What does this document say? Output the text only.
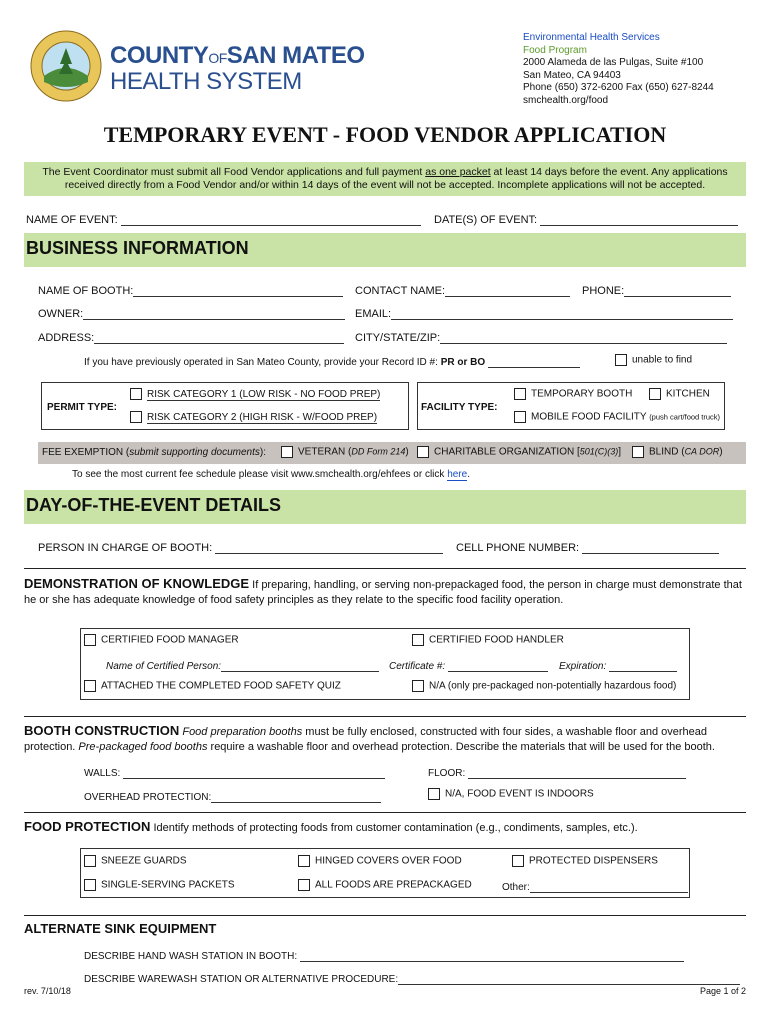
COUNTYOFSAN MATEO
HEALTH SYSTEM
Environmental Health Services
Food Program
2000 Alameda de las Pulgas, Suite #100
San Mateo, CA 94403
Phone (650) 372-6200 Fax (650) 627-8244
smchealth.org/food
TEMPORARY EVENT - FOOD VENDOR APPLICATION
The Event Coordinator must submit all Food Vendor applications and full payment as one packet at least 14 days before the event. Any applications received directly from a Food Vendor and/or within 14 days of the event will not be accepted. Incomplete applications will not be accepted.
NAME OF EVENT:	DATE(S) OF EVENT:
BUSINESS INFORMATION
NAME OF BOOTH:	CONTACT NAME:	PHONE:
OWNER:	EMAIL:
ADDRESS:	CITY/STATE/ZIP:
If you have previously operated in San Mateo County, provide your Record ID #: PR or BO	unable to find
PERMIT TYPE:
RISK CATEGORY 1 (LOW RISK - NO FOOD PREP)
RISK CATEGORY 2 (HIGH RISK - W/FOOD PREP)
FACILITY TYPE:
TEMPORARY BOOTH	KITCHEN
MOBILE FOOD FACILITY (push cart/food truck)
FEE EXEMPTION (submit supporting documents):	VETERAN (DD Form 214)	CHARITABLE ORGANIZATION [501(C)(3)]	BLIND (CA DOR)
To see the most current fee schedule please visit www.smchealth.org/ehfees or click here.
DAY-OF-THE-EVENT DETAILS
PERSON IN CHARGE OF BOOTH:	CELL PHONE NUMBER:
DEMONSTRATION OF KNOWLEDGE If preparing, handling, or serving non-prepackaged food, the person in charge must demonstrate that he or she has adequate knowledge of food safety principles as they relate to the specific food facility operation.
CERTIFIED FOOD MANAGER	CERTIFIED FOOD HANDLER
Name of Certified Person:	Certificate #:	Expiration:
ATTACHED THE COMPLETED FOOD SAFETY QUIZ	N/A (only pre-packaged non-potentially hazardous food)
BOOTH CONSTRUCTION Food preparation booths must be fully enclosed, constructed with four sides, a washable floor and overhead protection. Pre-packaged food booths require a washable floor and overhead protection. Describe the materials that will be used for the booth.
WALLS:	FLOOR:
OVERHEAD PROTECTION:	N/A, FOOD EVENT IS INDOORS
FOOD PROTECTION Identify methods of protecting foods from customer contamination (e.g., condiments, samples, etc.).
SNEEZE GUARDS	HINGED COVERS OVER FOOD	PROTECTED DISPENSERS
SINGLE-SERVING PACKETS	ALL FOODS ARE PREPACKAGED	Other:
ALTERNATE SINK EQUIPMENT
DESCRIBE HAND WASH STATION IN BOOTH:
DESCRIBE WAREWASH STATION OR ALTERNATIVE PROCEDURE:
rev. 7/10/18	Page 1 of 2
